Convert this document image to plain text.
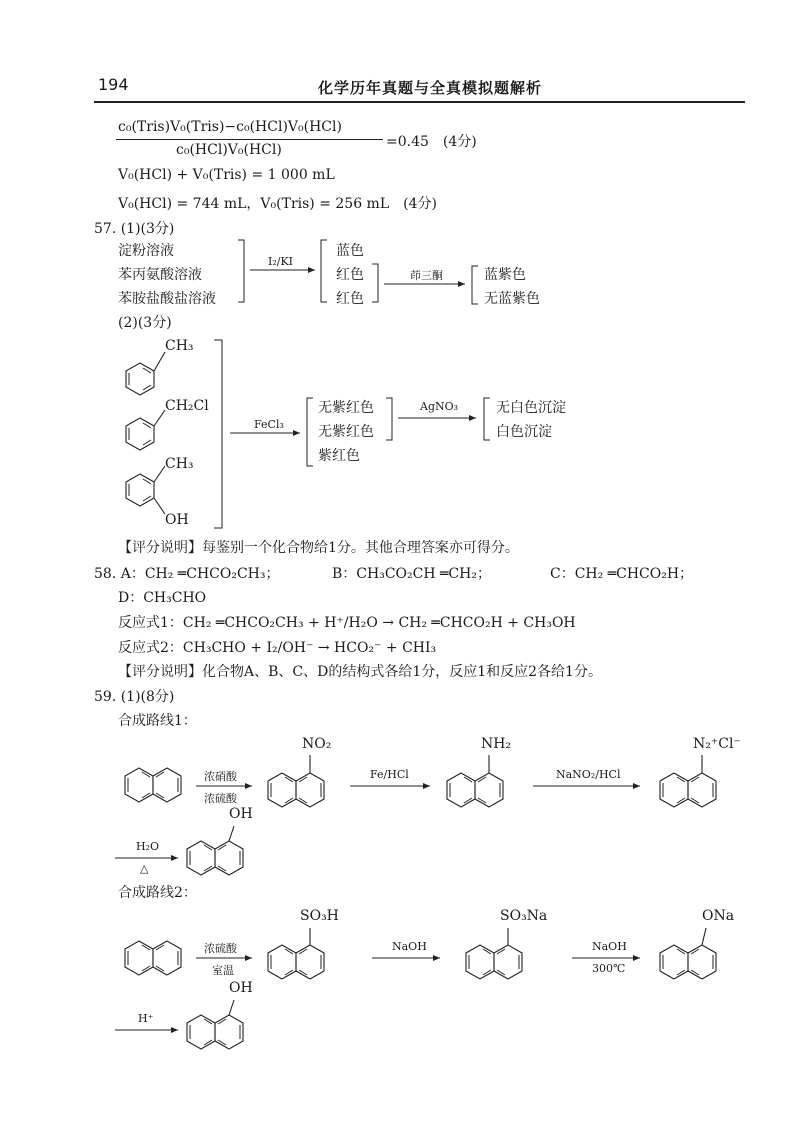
194	化学历年真题与全真模拟题解析
c₀(Tris)V₀(Tris)−c₀(HCl)V₀(HCl)
c₀(HCl)V₀(HCl)	=0.45　(4分)
V₀(HCl) + V₀(Tris) = 1 000 mL
V₀(HCl) = 744 mL，V₀(Tris) = 256 mL　(4分)
57. (1)(3分)
淀粉溶液
苯丙氨酸溶液
苯胺盐酸盐溶液
I₂/KI
蓝色
红色
红色
茚三酮	蓝紫色
无蓝紫色
(2)(3分)
CH₃
CH₂Cl
CH₃
OH
FeCl₃
无紫红色
无紫红色
紫红色
AgNO₃	无白色沉淀
白色沉淀
【评分说明】每鉴别一个化合物给1分。其他合理答案亦可得分。
58. A：CH₂ ═CHCO₂CH₃；	B：CH₃CO₂CH ═CH₂；	C：CH₂ ═CHCO₂H；
D：CH₃CHO
反应式1：CH₂ ═CHCO₂CH₃ + H⁺/H₂O → CH₂ ═CHCO₂H + CH₃OH
反应式2：CH₃CHO + I₂/OH⁻ → HCO₂⁻ + CHI₃
【评分说明】化合物A、B、C、D的结构式各给1分，反应1和反应2各给1分。
59. (1)(8分)
合成路线1：
浓硝酸
浓硫酸
NO₂
Fe/HCl
NH₂
NaNO₂/HCl
N₂⁺Cl⁻
H₂O
△
OH
合成路线2：
浓硫酸
室温
SO₃H
NaOH
SO₃Na
NaOH
300℃
ONa
H⁺
OH
